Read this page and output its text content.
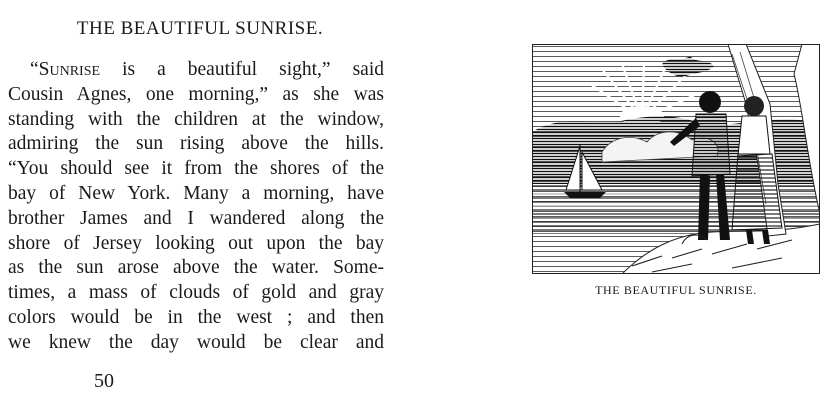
THE BEAUTIFUL SUNRISE.
“Sunrise is a beautiful sight,” said
Cousin Agnes, one morning,” as she was
standing with the children at the window,
admiring the sun rising above the hills.
“You should see it from the shores of the
bay of New York. Many a morning, have
brother James and I wandered along the
shore of Jersey looking out upon the bay
as the sun arose above the water. Some-
times, a mass of clouds of gold and gray
colors would be in the west ; and then
we knew the day would be clear and
50
THE BEAUTIFUL SUNRISE.
